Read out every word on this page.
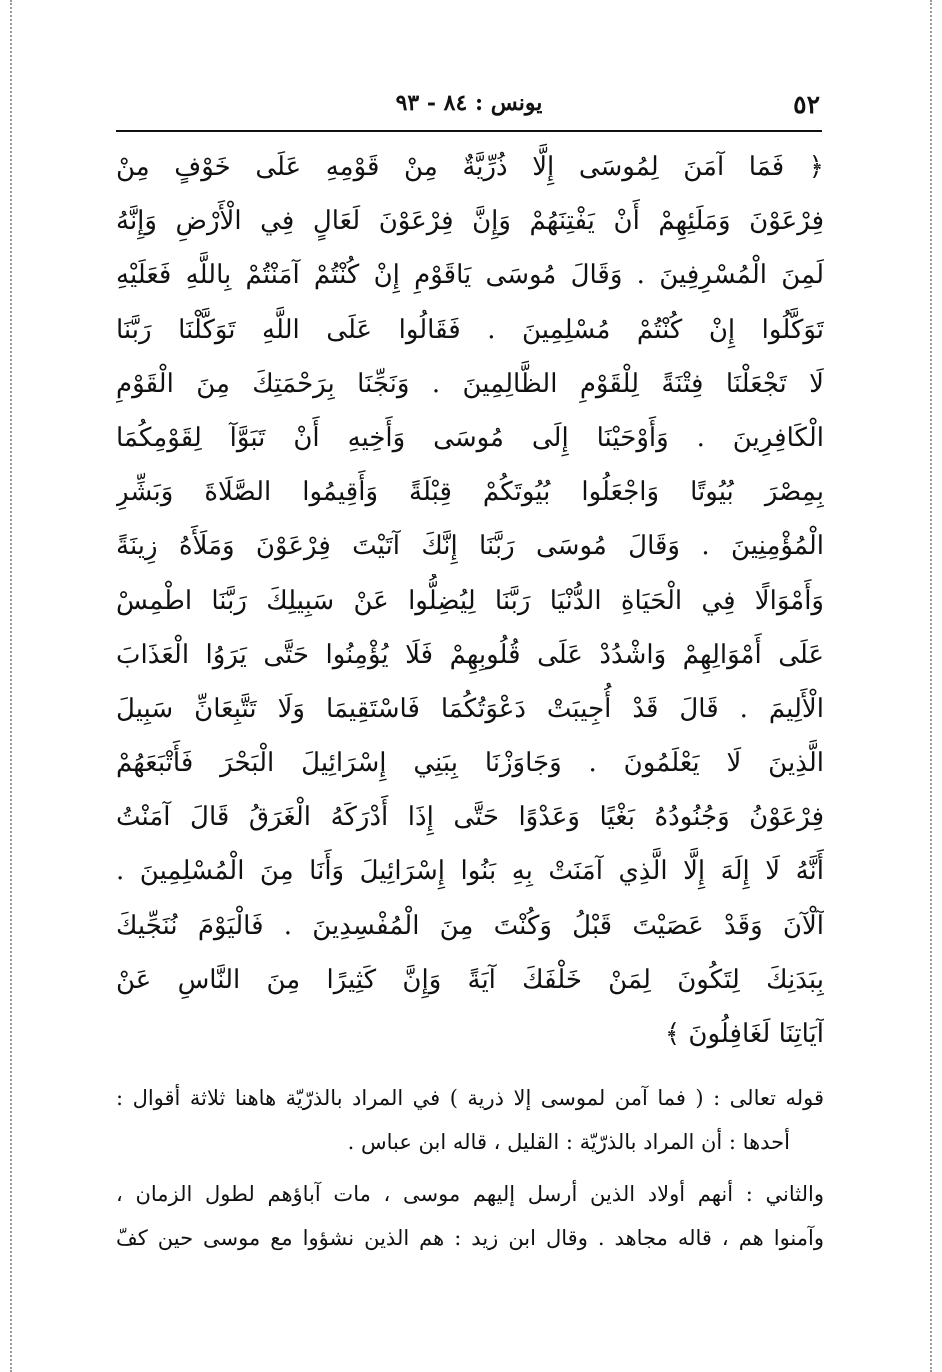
٥٢
يونس : ٨٤ - ٩٣
﴿ فَمَا آمَنَ لِمُوسَى إِلَّا ذُرِّيَّةٌ مِنْ قَوْمِهِ عَلَى خَوْفٍ مِنْ
فِرْعَوْنَ وَمَلَئِهِمْ أَنْ يَفْتِنَهُمْ وَإِنَّ فِرْعَوْنَ لَعَالٍ فِي الْأَرْضِ وَإِنَّهُ
لَمِنَ الْمُسْرِفِينَ . وَقَالَ مُوسَى يَاقَوْمِ إِنْ كُنْتُمْ آمَنْتُمْ بِاللَّهِ فَعَلَيْهِ
تَوَكَّلُوا إِنْ كُنْتُمْ مُسْلِمِينَ . فَقَالُوا عَلَى اللَّهِ تَوَكَّلْنَا رَبَّنَا
لَا تَجْعَلْنَا فِتْنَةً لِلْقَوْمِ الظَّالِمِينَ . وَنَجِّنَا بِرَحْمَتِكَ مِنَ الْقَوْمِ
الْكَافِرِينَ . وَأَوْحَيْنَا إِلَى مُوسَى وَأَخِيهِ أَنْ تَبَوَّآ لِقَوْمِكُمَا
بِمِصْرَ بُيُوتًا وَاجْعَلُوا بُيُوتَكُمْ قِبْلَةً وَأَقِيمُوا الصَّلَاةَ وَبَشِّرِ
الْمُؤْمِنِينَ . وَقَالَ مُوسَى رَبَّنَا إِنَّكَ آتَيْتَ فِرْعَوْنَ وَمَلَأَهُ زِينَةً
وَأَمْوَالًا فِي الْحَيَاةِ الدُّنْيَا رَبَّنَا لِيُضِلُّوا عَنْ سَبِيلِكَ رَبَّنَا اطْمِسْ
عَلَى أَمْوَالِهِمْ وَاشْدُدْ عَلَى قُلُوبِهِمْ فَلَا يُؤْمِنُوا حَتَّى يَرَوُا الْعَذَابَ
الْأَلِيمَ . قَالَ قَدْ أُجِيبَتْ دَعْوَتُكُمَا فَاسْتَقِيمَا وَلَا تَتَّبِعَانِّ سَبِيلَ
الَّذِينَ لَا يَعْلَمُونَ . وَجَاوَزْنَا بِبَنِي إِسْرَائِيلَ الْبَحْرَ فَأَتْبَعَهُمْ
فِرْعَوْنُ وَجُنُودُهُ بَغْيًا وَعَدْوًا حَتَّى إِذَا أَدْرَكَهُ الْغَرَقُ قَالَ آمَنْتُ
أَنَّهُ لَا إِلَهَ إِلَّا الَّذِي آمَنَتْ بِهِ بَنُوا إِسْرَائِيلَ وَأَنَا مِنَ الْمُسْلِمِينَ .
آلْآنَ وَقَدْ عَصَيْتَ قَبْلُ وَكُنْتَ مِنَ الْمُفْسِدِينَ . فَالْيَوْمَ نُنَجِّيكَ
بِبَدَنِكَ لِتَكُونَ لِمَنْ خَلْفَكَ آيَةً وَإِنَّ كَثِيرًا مِنَ النَّاسِ عَنْ
آيَاتِنَا لَغَافِلُونَ ﴾
قوله تعالى : ( فما آمن لموسى إلا ذرية ) في المراد بالذرّيّة هاهنا ثلاثة أقوال :
أحدها : أن المراد بالذرّيّة : القليل ، قاله ابن عباس .
والثاني : أنهم أولاد الذين أرسل إليهم موسى ، مات آباؤهم لطول الزمان ،
وآمنوا هم ، قاله مجاهد . وقال ابن زيد : هم الذين نشؤوا مع موسى حين كفّ
